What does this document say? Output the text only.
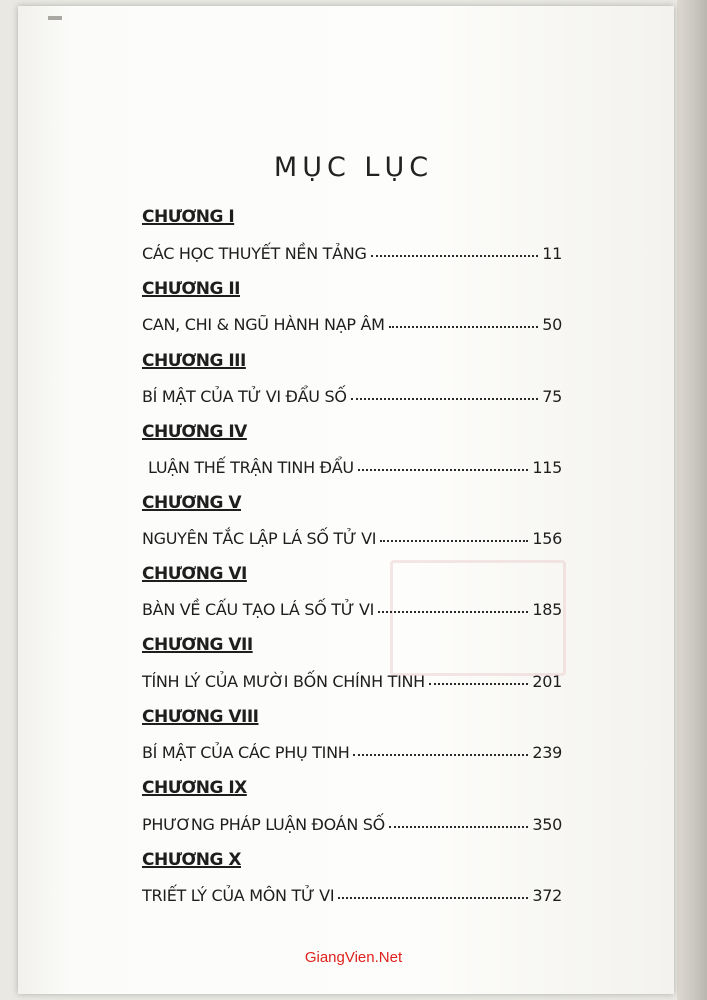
MỤC LỤC
CHƯƠNG I
CÁC HỌC THUYẾT NỀN TẢNG	11
CHƯƠNG II
CAN, CHI & NGŨ HÀNH NẠP ÂM	50
CHƯƠNG III
BÍ MẬT CỦA TỬ VI ĐẨU SỐ	75
CHƯƠNG IV
LUẬN THẾ TRẬN TINH ĐẨU	115
CHƯƠNG V
NGUYÊN TẮC LẬP LÁ SỐ TỬ VI	156
CHƯƠNG VI
BÀN VỀ CẤU TẠO LÁ SỐ TỬ VI	185
CHƯƠNG VII
TÍNH LÝ CỦA MƯỜI BỐN CHÍNH TINH	201
CHƯƠNG VIII
BÍ MẬT CỦA CÁC PHỤ TINH	239
CHƯƠNG IX
PHƯƠNG PHÁP LUẬN ĐOÁN SỐ	350
CHƯƠNG X
TRIẾT LÝ CỦA MÔN TỬ VI	372
GiangVien.Net
